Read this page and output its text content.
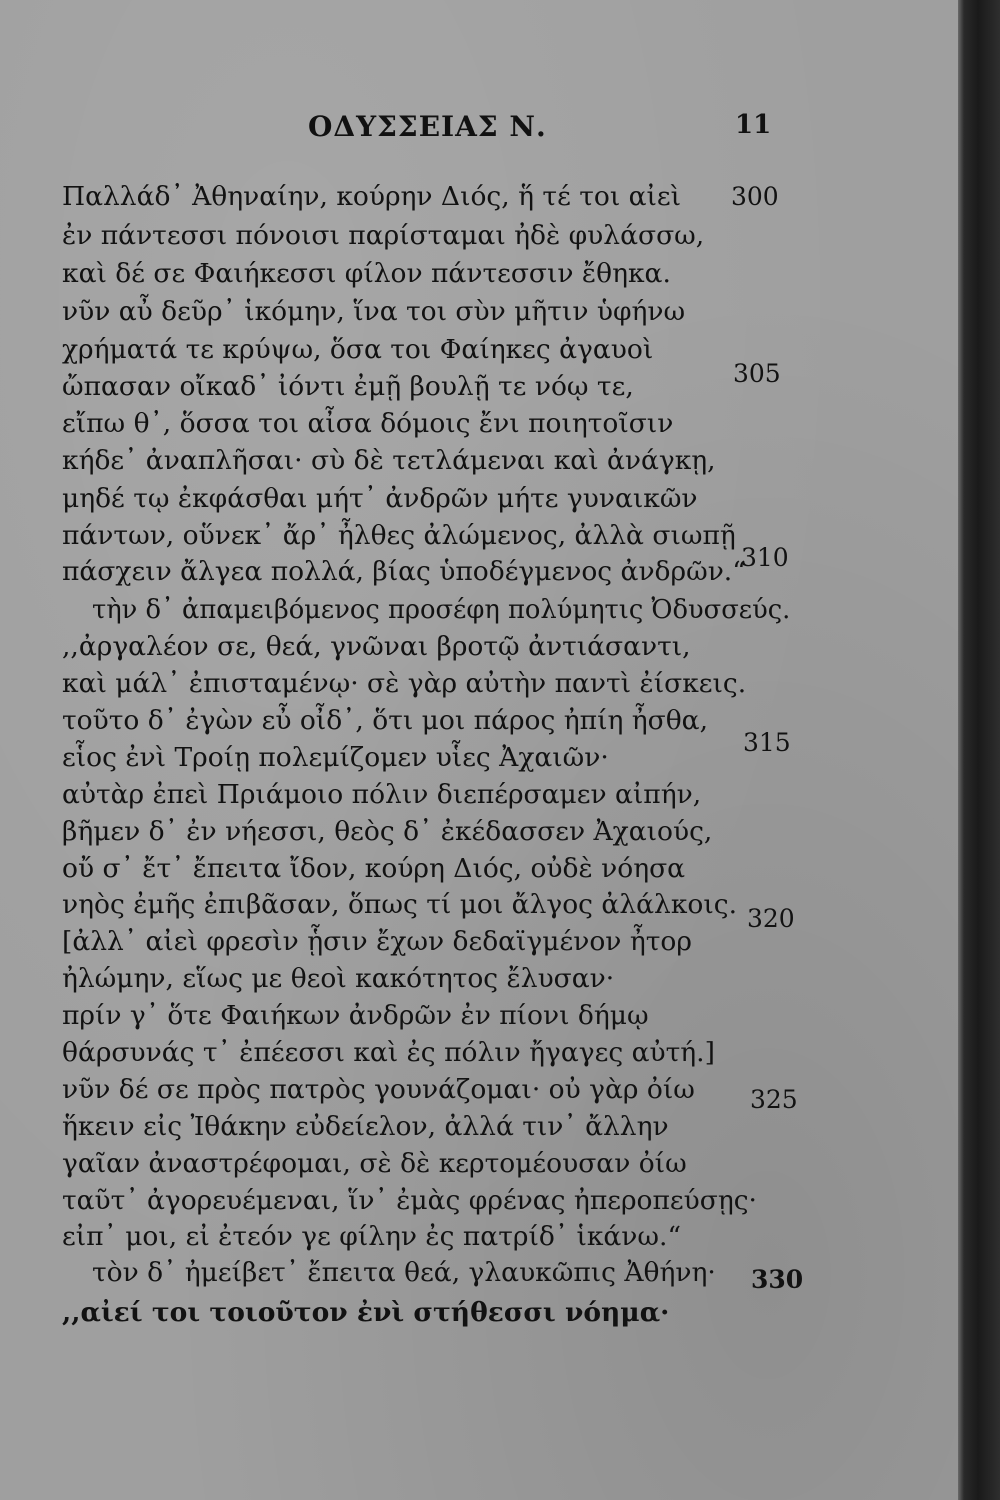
ΟΔΥΣΣΕΙΑΣ Ν.	11
Παλλάδ᾽ Ἀθηναίην, κούρην Διός, ἥ τέ τοι αἰεὶ
ἐν πάντεσσι πόνοισι παρίσταμαι ἠδὲ φυλάσσω,
καὶ δέ σε Φαιήκεσσι φίλον πάντεσσιν ἔθηκα.
νῦν αὖ δεῦρ᾽ ἱκόμην, ἵνα τοι σὺν μῆτιν ὑφήνω
χρήματά τε κρύψω, ὅσα τοι Φαίηκες ἀγαυοὶ
ὤπασαν οἴκαδ᾽ ἰόντι ἐμῇ βουλῇ τε νόῳ τε,
εἴπω θ᾽, ὅσσα τοι αἶσα δόμοις ἔνι ποιητοῖσιν
κήδε᾽ ἀναπλῆσαι· σὺ δὲ τετλάμεναι καὶ ἀνάγκῃ,
μηδέ τῳ ἐκφάσθαι μήτ᾽ ἀνδρῶν μήτε γυναικῶν
πάντων, οὕνεκ᾽ ἄρ᾽ ἦλθες ἀλώμενος, ἀλλὰ σιωπῇ
πάσχειν ἄλγεα πολλά, βίας ὑποδέγμενος ἀνδρῶν.“
τὴν δ᾽ ἀπαμειβόμενος προσέφη πολύμητις Ὀδυσσεύς.
,,ἀργαλέον σε, θεά, γνῶναι βροτῷ ἀντιάσαντι,
καὶ μάλ᾽ ἐπισταμένῳ· σὲ γὰρ αὐτὴν παντὶ ἐίσκεις.
τοῦτο δ᾽ ἐγὼν εὖ οἶδ᾽, ὅτι μοι πάρος ἠπίη ἦσθα,
εἷος ἐνὶ Τροίῃ πολεμίζομεν υἷες Ἀχαιῶν·
αὐτὰρ ἐπεὶ Πριάμοιο πόλιν διεπέρσαμεν αἰπήν,
βῆμεν δ᾽ ἐν νήεσσι, θεὸς δ᾽ ἐκέδασσεν Ἀχαιούς,
οὔ σ᾽ ἔτ᾽ ἔπειτα ἴδον, κούρη Διός, οὐδὲ νόησα
νηὸς ἐμῆς ἐπιβᾶσαν, ὅπως τί μοι ἄλγος ἀλάλκοις.
[ἀλλ᾽ αἰεὶ φρεσὶν ᾗσιν ἔχων δεδαϊγμένον ἦτορ
ἠλώμην, εἵως με θεοὶ κακότητος ἔλυσαν·
πρίν γ᾽ ὅτε Φαιήκων ἀνδρῶν ἐν πίονι δήμῳ
θάρσυνάς τ᾽ ἐπέεσσι καὶ ἐς πόλιν ἤγαγες αὐτή.]
νῦν δέ σε πρὸς πατρὸς γουνάζομαι· οὐ γὰρ ὀίω
ἥκειν εἰς Ἰθάκην εὐδείελον, ἀλλά τιν᾽ ἄλλην
γαῖαν ἀναστρέφομαι, σὲ δὲ κερτομέουσαν ὀίω
ταῦτ᾽ ἀγορευέμεναι, ἵν᾽ ἐμὰς φρένας ἠπεροπεύσῃς·
εἰπ᾽ μοι, εἰ ἐτεόν γε φίλην ἐς πατρίδ᾽ ἱκάνω.“
τὸν δ᾽ ἠμείβετ᾽ ἔπειτα θεά, γλαυκῶπις Ἀθήνη·
,,αἰεί τοι τοιοῦτον ἐνὶ στήθεσσι νόημα·
300
305
310
315
320
325
330
